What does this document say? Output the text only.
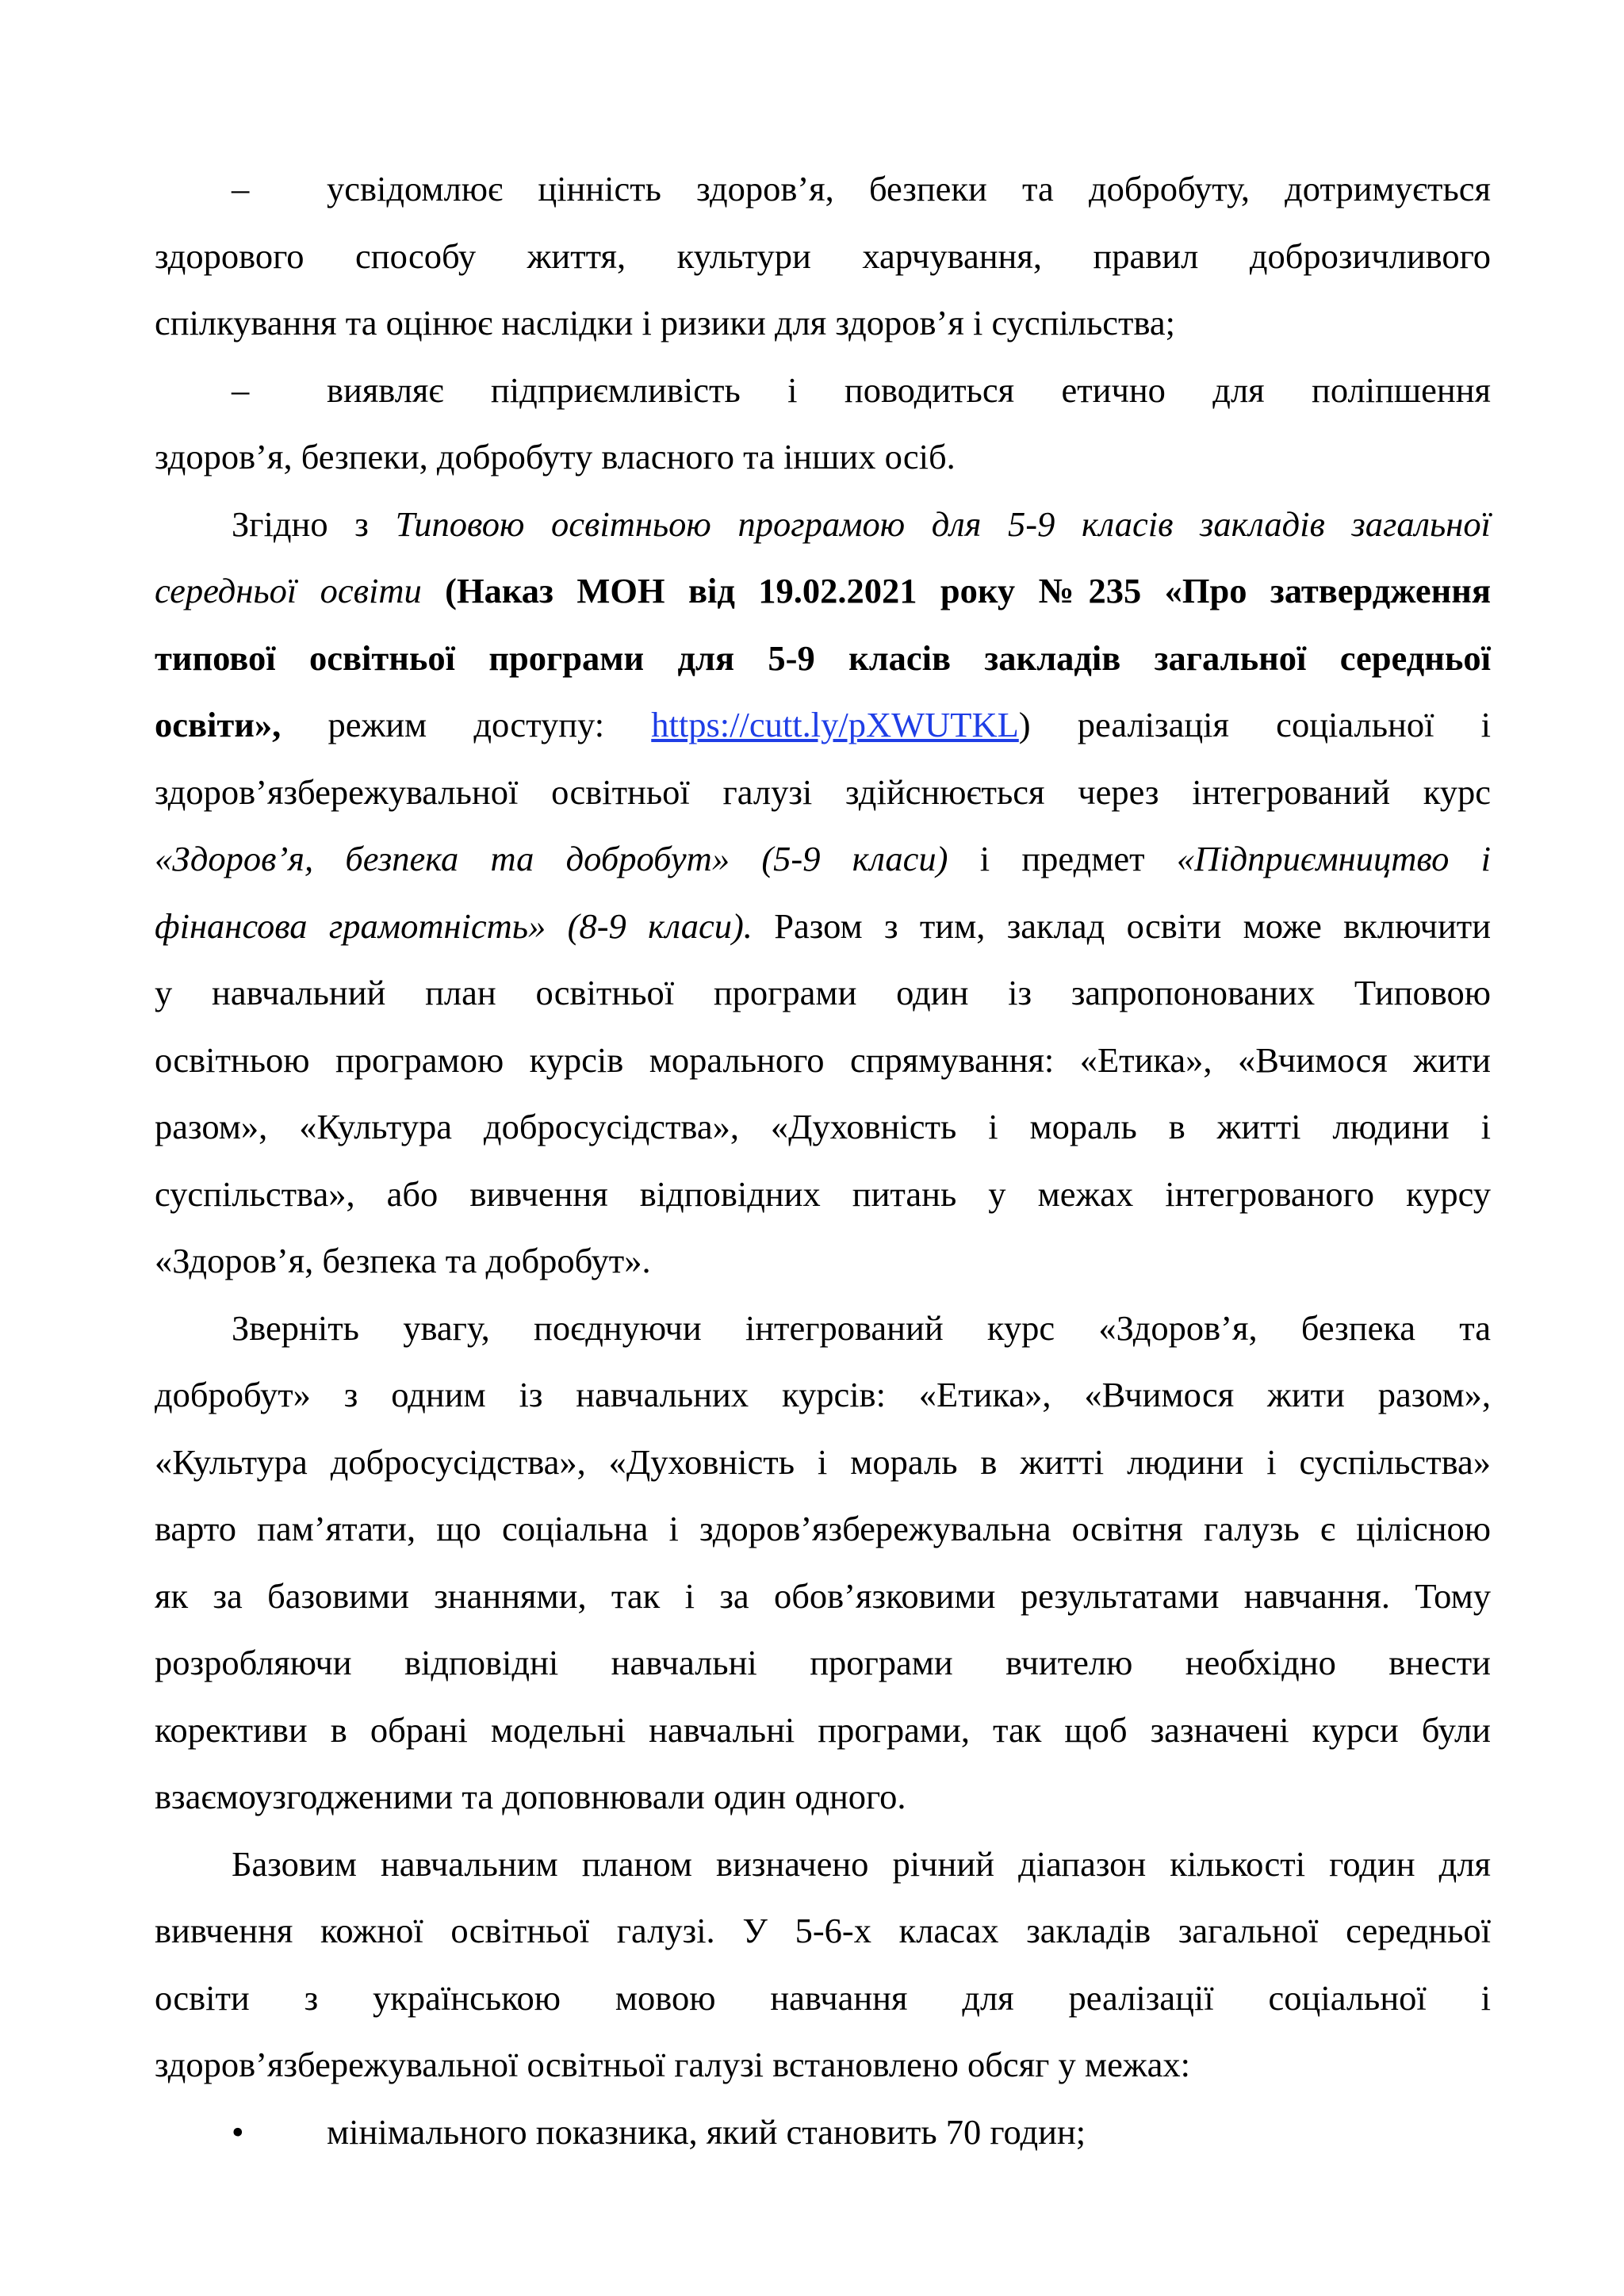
– усвідомлює цінність здоров’я, безпеки та добробуту, дотримується
здорового способу життя, культури харчування, правил доброзичливого
спілкування та оцінює наслідки і ризики для здоров’я і суспільства;
– виявляє підприємливість і поводиться етично для поліпшення
здоров’я, безпеки, добробуту власного та інших осіб.
Згідно з Типовою освітньою програмою для 5-9 класів закладів загальної
середньої освіти (Наказ МОН від 19.02.2021 року №235 «Про затвердження
типової освітньої програми для 5-9 класів закладів загальної середньої
освіти», режим доступу: https://cutt.ly/pXWUTKL) реалізація соціальної і
здоров’язбережувальної освітньої галузі здійснюється через інтегрований курс
«Здоров’я, безпека та добробут» (5-9 класи) і предмет «Підприємництво і
фінансова грамотність» (8-9 класи). Разом з тим, заклад освіти може включити
у навчальний план освітньої програми один із запропонованих Типовою
освітньою програмою курсів морального спрямування: «Етика», «Вчимося жити
разом», «Культура добросусідства», «Духовність і мораль в житті людини і
суспільства», або вивчення відповідних питань у межах інтегрованого курсу
«Здоров’я, безпека та добробут».
Зверніть увагу, поєднуючи інтегрований курс «Здоров’я, безпека та
добробут» з одним із навчальних курсів: «Етика», «Вчимося жити разом»,
«Культура добросусідства», «Духовність і мораль в житті людини і суспільства»
варто пам’ятати, що соціальна і здоров’язбережувальна освітня галузь є цілісною
як за базовими знаннями, так і за обов’язковими результатами навчання. Тому
розробляючи відповідні навчальні програми вчителю необхідно внести
корективи в обрані модельні навчальні програми, так щоб зазначені курси були
взаємоузгодженими та доповнювали один одного.
Базовим навчальним планом визначено річний діапазон кількості годин для
вивчення кожної освітньої галузі. У 5-6-х класах закладів загальної середньої
освіти з українською мовою навчання для реалізації соціальної і
здоров’язбережувальної освітньої галузі встановлено обсяг у межах:
• мінімального показника, який становить 70 годин;
